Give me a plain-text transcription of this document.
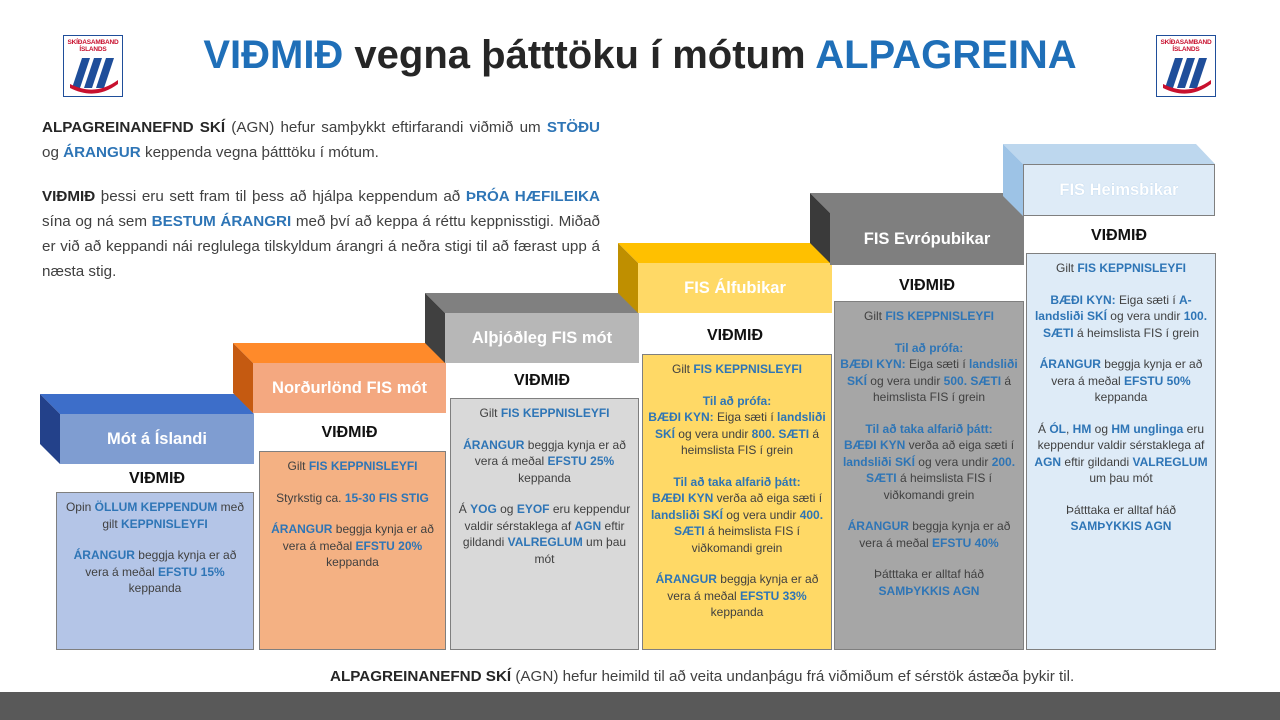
SKÍÐASAMBAND
ÍSLANDS
SKÍÐASAMBAND
ÍSLANDS
VIÐMIÐ vegna þátttöku í mótum ALPAGREINA
ALPAGREINANEFND SKÍ (AGN) hefur samþykkt eftirfarandi viðmið um STÖÐU og ÁRANGUR keppenda vegna þátttöku í mótum.
VIÐMIÐ þessi eru sett fram til þess að hjálpa keppendum að ÞRÓA HÆFILEIKA sína og ná sem BESTUM ÁRANGRI með því að keppa á réttu keppnisstigi. Miðað er við að keppandi nái reglulega tilskyldum árangri á neðra stigi til að færast upp á næsta stig.
Mót á Íslandi
VIÐMIÐ

Opin ÖLLUM KEPPENDUM með gilt KEPPNISLEYFI

ÁRANGUR beggja kynja er að vera á meðal EFSTU 15% keppanda

Norðurlönd FIS mót
VIÐMIÐ

Gilt FIS KEPPNISLEYFI

Styrkstig ca. 15-30 FIS STIG

ÁRANGUR beggja kynja er að vera á meðal EFSTU 20% keppanda

Alþjóðleg FIS mót
VIÐMIÐ

Gilt FIS KEPPNISLEYFI

ÁRANGUR beggja kynja er að vera á meðal EFSTU 25% keppanda

Á YOG og EYOF eru keppendur valdir sérstaklega af AGN eftir gildandi VALREGLUM um þau mót

FIS Álfubikar
VIÐMIÐ

Gilt FIS KEPPNISLEYFI

Til að prófa:
BÆÐI KYN: Eiga sæti í landsliði SKÍ og vera undir 800. SÆTI á heimslista FIS í grein

Til að taka alfarið þátt:
BÆÐI KYN verða að eiga sæti í landsliði SKÍ og vera undir 400. SÆTI á heimslista FIS í viðkomandi grein

ÁRANGUR beggja kynja er að vera á meðal EFSTU 33% keppanda

FIS Evrópubikar
VIÐMIÐ

Gilt FIS KEPPNISLEYFI

Til að prófa:
BÆÐI KYN: Eiga sæti í landsliði SKÍ og vera undir 500. SÆTI á heimslista FIS í grein

Til að taka alfarið þátt:
BÆÐI KYN verða að eiga sæti í landsliði SKÍ og vera undir 200. SÆTI á heimslista FIS í viðkomandi grein

ÁRANGUR beggja kynja er að vera á meðal EFSTU 40%

Þátttaka er alltaf háð
SAMÞYKKIS AGN

FIS Heimsbikar
VIÐMIÐ

Gilt FIS KEPPNISLEYFI

BÆÐI KYN: Eiga sæti í A-landsliði SKÍ og vera undir 100. SÆTI á heimslista FIS í grein

ÁRANGUR beggja kynja er að vera á meðal EFSTU 50% keppanda

Á ÓL, HM og HM unglinga eru keppendur valdir sérstaklega af AGN eftir gildandi VALREGLUM um þau mót

Þátttaka er alltaf háð
SAMÞYKKIS AGN

ALPAGREINANEFND SKÍ (AGN) hefur heimild til að veita undanþágu frá viðmiðum ef sérstök ástæða þykir til.
